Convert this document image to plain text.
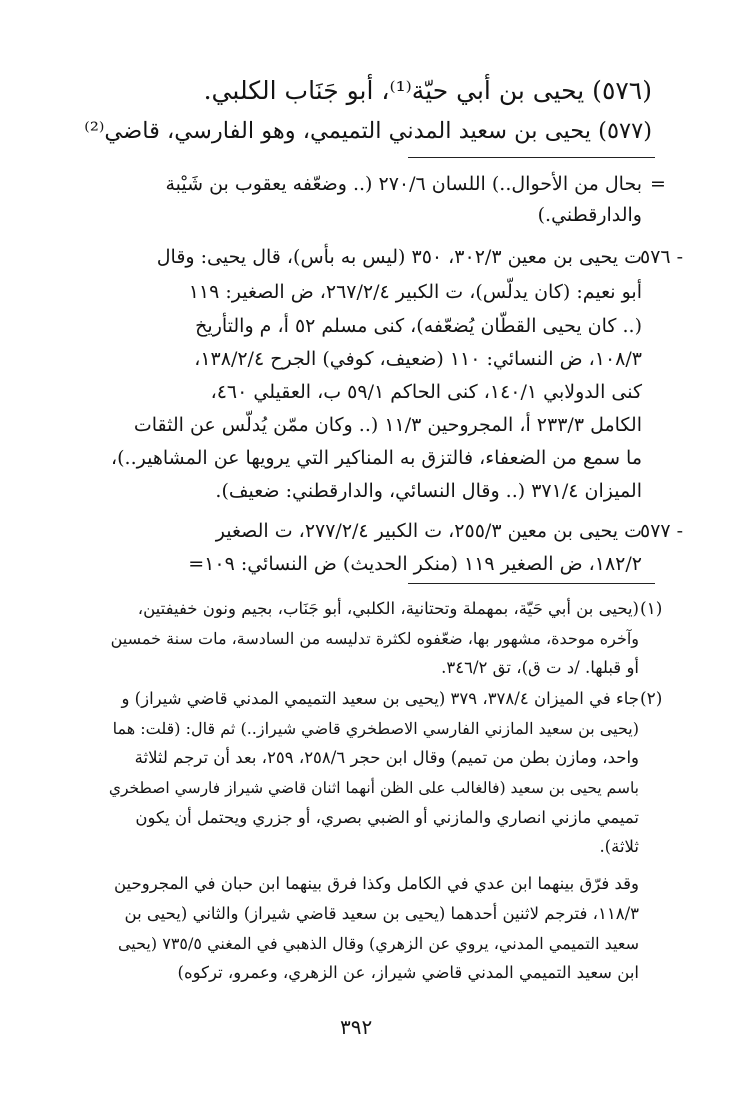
(٥٧٦) يحيى بن أبي حيّة⁽¹⁾، أبو جَنَاب الكلبي.
(٥٧٧) يحيى بن سعيد المدني التميمي، وهو الفارسي، قاضي⁽²⁾
=
بحال من الأحوال..) اللسان ٢٧٠/٦ (.. وضعّفه يعقوب بن شَيْبة
والدارقطني.)
٥٧٦ -
ت يحيى بن معين ٣٠٢/٣، ٣٥٠ (ليس به بأس)، قال يحيى: وقال
أبو نعيم: (كان يدلّس)، ت الكبير ٢٦٧/٢/٤، ض الصغير: ١١٩
(.. كان يحيى القطّان يُضعّفه)، كنى مسلم ٥٢ أ، م والتأريخ
١٠٨/٣، ض النسائي: ١١٠ (ضعيف، كوفي) الجرح ١٣٨/٢/٤،
كنى الدولابي ١٤٠/١، كنى الحاكم ٥٩/١ ب، العقيلي ٤٦٠،
الكامل ٢٣٣/٣ أ، المجروحين ١١/٣ (.. وكان ممّن يُدلّس عن الثقات
ما سمع من الضعفاء، فالتزق به المناكير التي يرويها عن المشاهير..)،
الميزان ٣٧١/٤ (.. وقال النسائي، والدارقطني: ضعيف).
٥٧٧ -
ت يحيى بن معين ٢٥٥/٣، ت الكبير ٢٧٧/٢/٤، ت الصغير
١٨٢/٢، ض الصغير ١١٩ (منكر الحديث) ض النسائي: ١٠٩=
(١)
(يحيى بن أبي حَيّة، بمهملة وتحتانية، الكلبي، أبو جَنَاب، بجيم ونون خفيفتين،
وآخره موحدة، مشهور بها، ضعّفوه لكثرة تدليسه من السادسة، مات سنة خمسين
أو قبلها. /د ت ق)، تق ٣٤٦/٢.
(٢)
جاء في الميزان ٣٧٨/٤، ٣٧٩ (يحيى بن سعيد التميمي المدني قاضي شيراز) و
(يحيى بن سعيد المازني الفارسي الاصطخري قاضي شيراز..) ثم قال: (قلت: هما
واحد، ومازن بطن من تميم) وقال ابن حجر ٢٥٨/٦، ٢٥٩، بعد أن ترجم لثلاثة
باسم يحيى بن سعيد (فالغالب على الظن أنهما اثنان قاضي شيراز فارسي اصطخري
تميمي مازني انصاري والمازني أو الضبي بصري، أو جزري ويحتمل أن يكون
ثلاثة).
وقد فرّق بينهما ابن عدي في الكامل وكذا فرق بينهما ابن حبان في المجروحين
١١٨/٣، فترجم لاثنين أحدهما (يحيى بن سعيد قاضي شيراز) والثاني (يحيى بن
سعيد التميمي المدني، يروي عن الزهري) وقال الذهبي في المغني ٧٣٥/٥ (يحيى
ابن سعيد التميمي المدني قاضي شيراز، عن الزهري، وعمرو، تركوه)
٣٩٢
